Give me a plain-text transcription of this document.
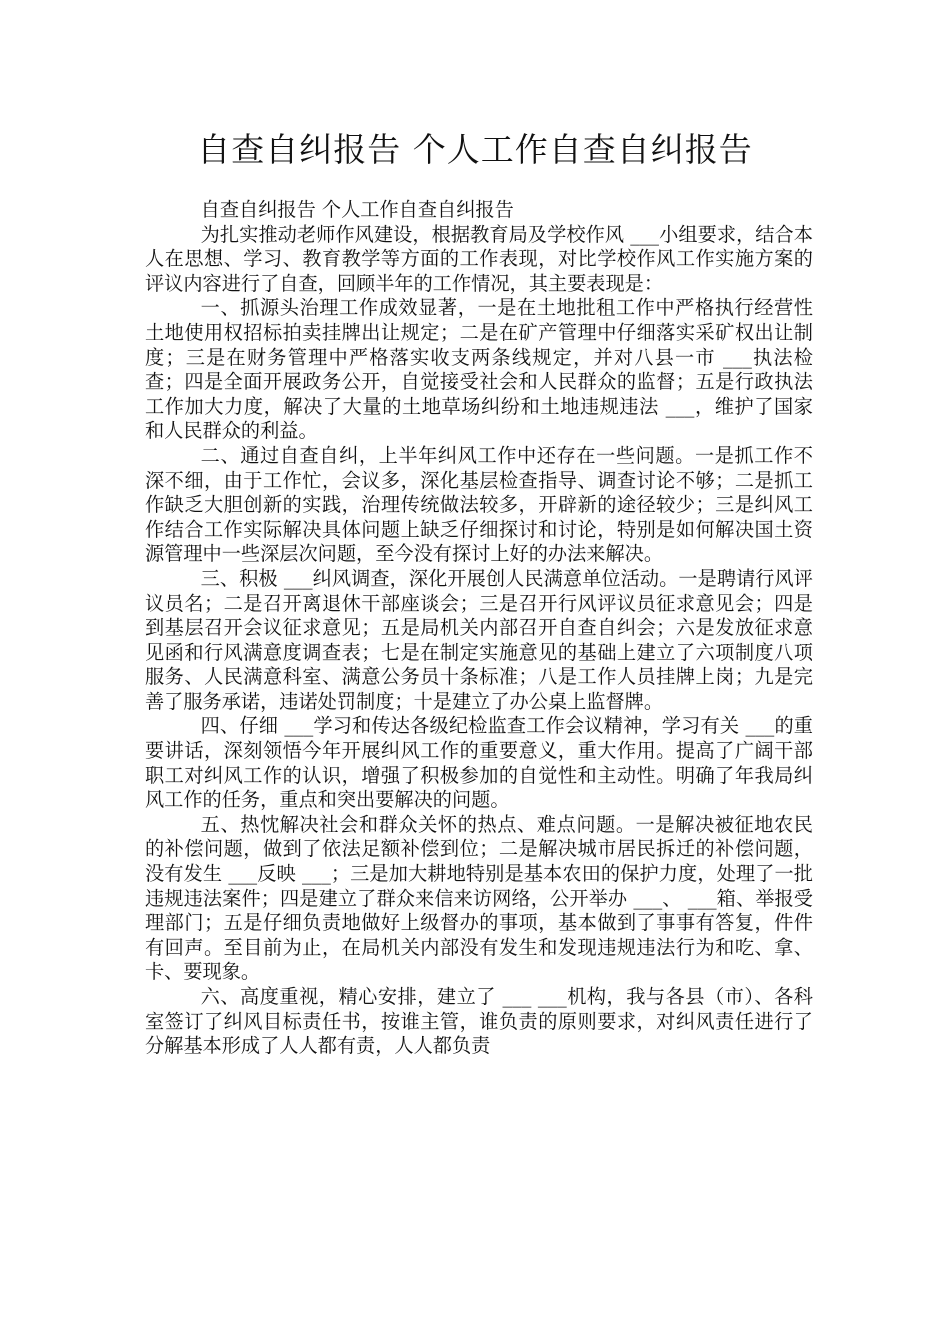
自查自纠报告 个人工作自查自纠报告

自查自纠报告 个人工作自查自纠报告

为扎实推动老师作风建设，根据教育局及学校作风 ___小组要求，结合本人在思想、学习、教育教学等方面的工作表现，对比学校作风工作实施方案的评议内容进行了自查，回顾半年的工作情况，其主要表现是：

一、抓源头治理工作成效显著，一是在土地批租工作中严格执行经营性土地使用权招标拍卖挂牌出让规定；二是在矿产管理中仔细落实采矿权出让制度；三是在财务管理中严格落实收支两条线规定，并对八县一市 ___执法检查；四是全面开展政务公开，自觉接受社会和人民群众的监督；五是行政执法工作加大力度，解决了大量的土地草场纠纷和土地违规违法 ___，维护了国家和人民群众的利益。

二、通过自查自纠，上半年纠风工作中还存在一些问题。一是抓工作不深不细，由于工作忙，会议多，深化基层检查指导、调查讨论不够；二是抓工作缺乏大胆创新的实践，治理传统做法较多，开辟新的途径较少；三是纠风工作结合工作实际解决具体问题上缺乏仔细探讨和讨论，特别是如何解决国土资源管理中一些深层次问题，至今没有探讨上好的办法来解决。

三、积极 ___纠风调查，深化开展创人民满意单位活动。一是聘请行风评议员名；二是召开离退休干部座谈会；三是召开行风评议员征求意见会；四是到基层召开会议征求意见；五是局机关内部召开自查自纠会；六是发放征求意见函和行风满意度调查表；七是在制定实施意见的基础上建立了六项制度八项服务、人民满意科室、满意公务员十条标准；八是工作人员挂牌上岗；九是完善了服务承诺，违诺处罚制度；十是建立了办公桌上监督牌。

四、仔细 ___学习和传达各级纪检监查工作会议精神，学习有关 ___的重要讲话，深刻领悟今年开展纠风工作的重要意义，重大作用。提高了广阔干部职工对纠风工作的认识，增强了积极参加的自觉性和主动性。明确了年我局纠风工作的任务，重点和突出要解决的问题。

五、热忱解决社会和群众关怀的热点、难点问题。一是解决被征地农民的补偿问题，做到了依法足额补偿到位；二是解决城市居民拆迁的补偿问题，没有发生 ___反映 ___；三是加大耕地特别是基本农田的保护力度，处理了一批违规违法案件；四是建立了群众来信来访网络，公开举办 ___、 ___箱、举报受理部门；五是仔细负责地做好上级督办的事项，基本做到了事事有答复，件件有回声。至目前为止，在局机关内部没有发生和发现违规违法行为和吃、拿、卡、要现象。

六、高度重视，精心安排，建立了 ___ ___机构，我与各县（市）、各科室签订了纠风目标责任书，按谁主管，谁负责的原则要求，对纠风责任进行了分解基本形成了人人都有责，人人都负责
